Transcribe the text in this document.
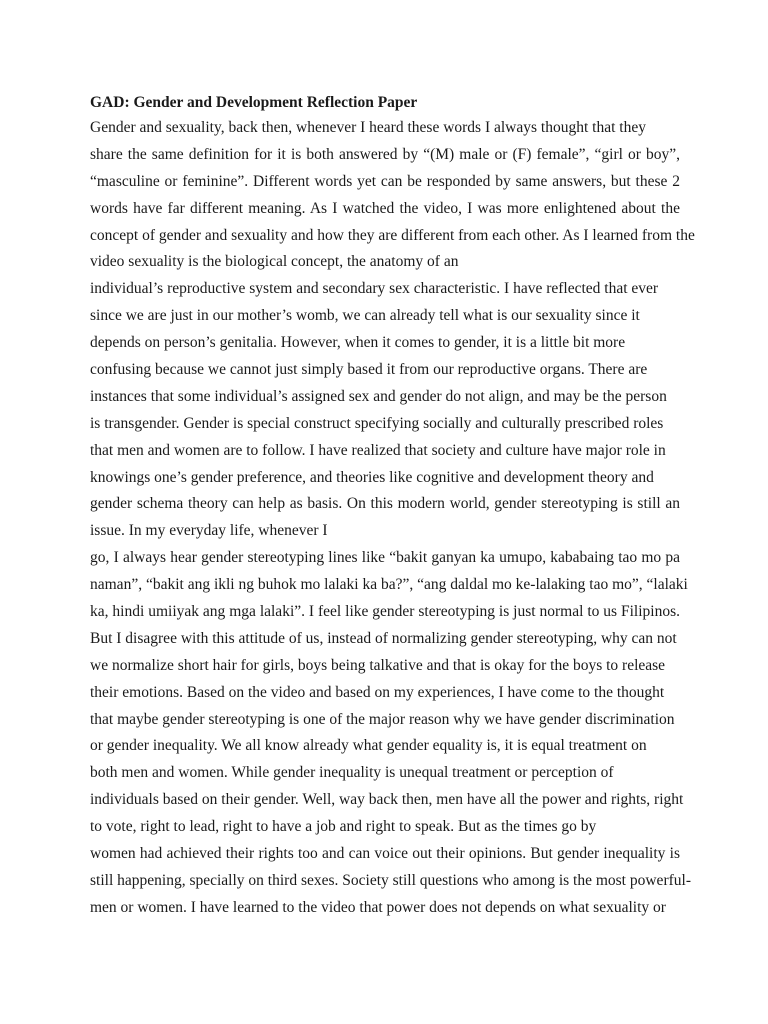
GAD: Gender and Development Reflection Paper
Gender and sexuality, back then, whenever I heard these words I always thought that they
share the same definition for it is both answered by “(M) male or (F) female”, “girl or boy”,
“masculine or feminine”. Different words yet can be responded by same answers, but these 2
words have far different meaning. As I watched the video, I was more enlightened about the
concept of gender and sexuality and how they are different from each other. As I learned from the
video sexuality is the biological concept, the anatomy of an
individual’s reproductive system and secondary sex characteristic. I have reflected that ever
since we are just in our mother’s womb, we can already tell what is our sexuality since it
depends on person’s genitalia. However, when it comes to gender, it is a little bit more
confusing because we cannot just simply based it from our reproductive organs. There are
instances that some individual’s assigned sex and gender do not align, and may be the person
is transgender. Gender is special construct specifying socially and culturally prescribed roles
that men and women are to follow. I have realized that society and culture have major role in
knowings one’s gender preference, and theories like cognitive and development theory and
gender schema theory can help as basis. On this modern world, gender stereotyping is still an
issue. In my everyday life, whenever I
go, I always hear gender stereotyping lines like “bakit ganyan ka umupo, kababaing tao mo pa
naman”, “bakit ang ikli ng buhok mo lalaki ka ba?”, “ang daldal mo ke-lalaking tao mo”, “lalaki
ka, hindi umiiyak ang mga lalaki”. I feel like gender stereotyping is just normal to us Filipinos.
But I disagree with this attitude of us, instead of normalizing gender stereotyping, why can not
we normalize short hair for girls, boys being talkative and that is okay for the boys to release
their emotions. Based on the video and based on my experiences, I have come to the thought
that maybe gender stereotyping is one of the major reason why we have gender discrimination
or gender inequality. We all know already what gender equality is, it is equal treatment on
both men and women. While gender inequality is unequal treatment or perception of
individuals based on their gender. Well, way back then, men have all the power and rights, right
to vote, right to lead, right to have a job and right to speak. But as the times go by
women had achieved their rights too and can voice out their opinions. But gender inequality is
still happening, specially on third sexes. Society still questions who among is the most powerful-
men or women. I have learned to the video that power does not depends on what sexuality or
